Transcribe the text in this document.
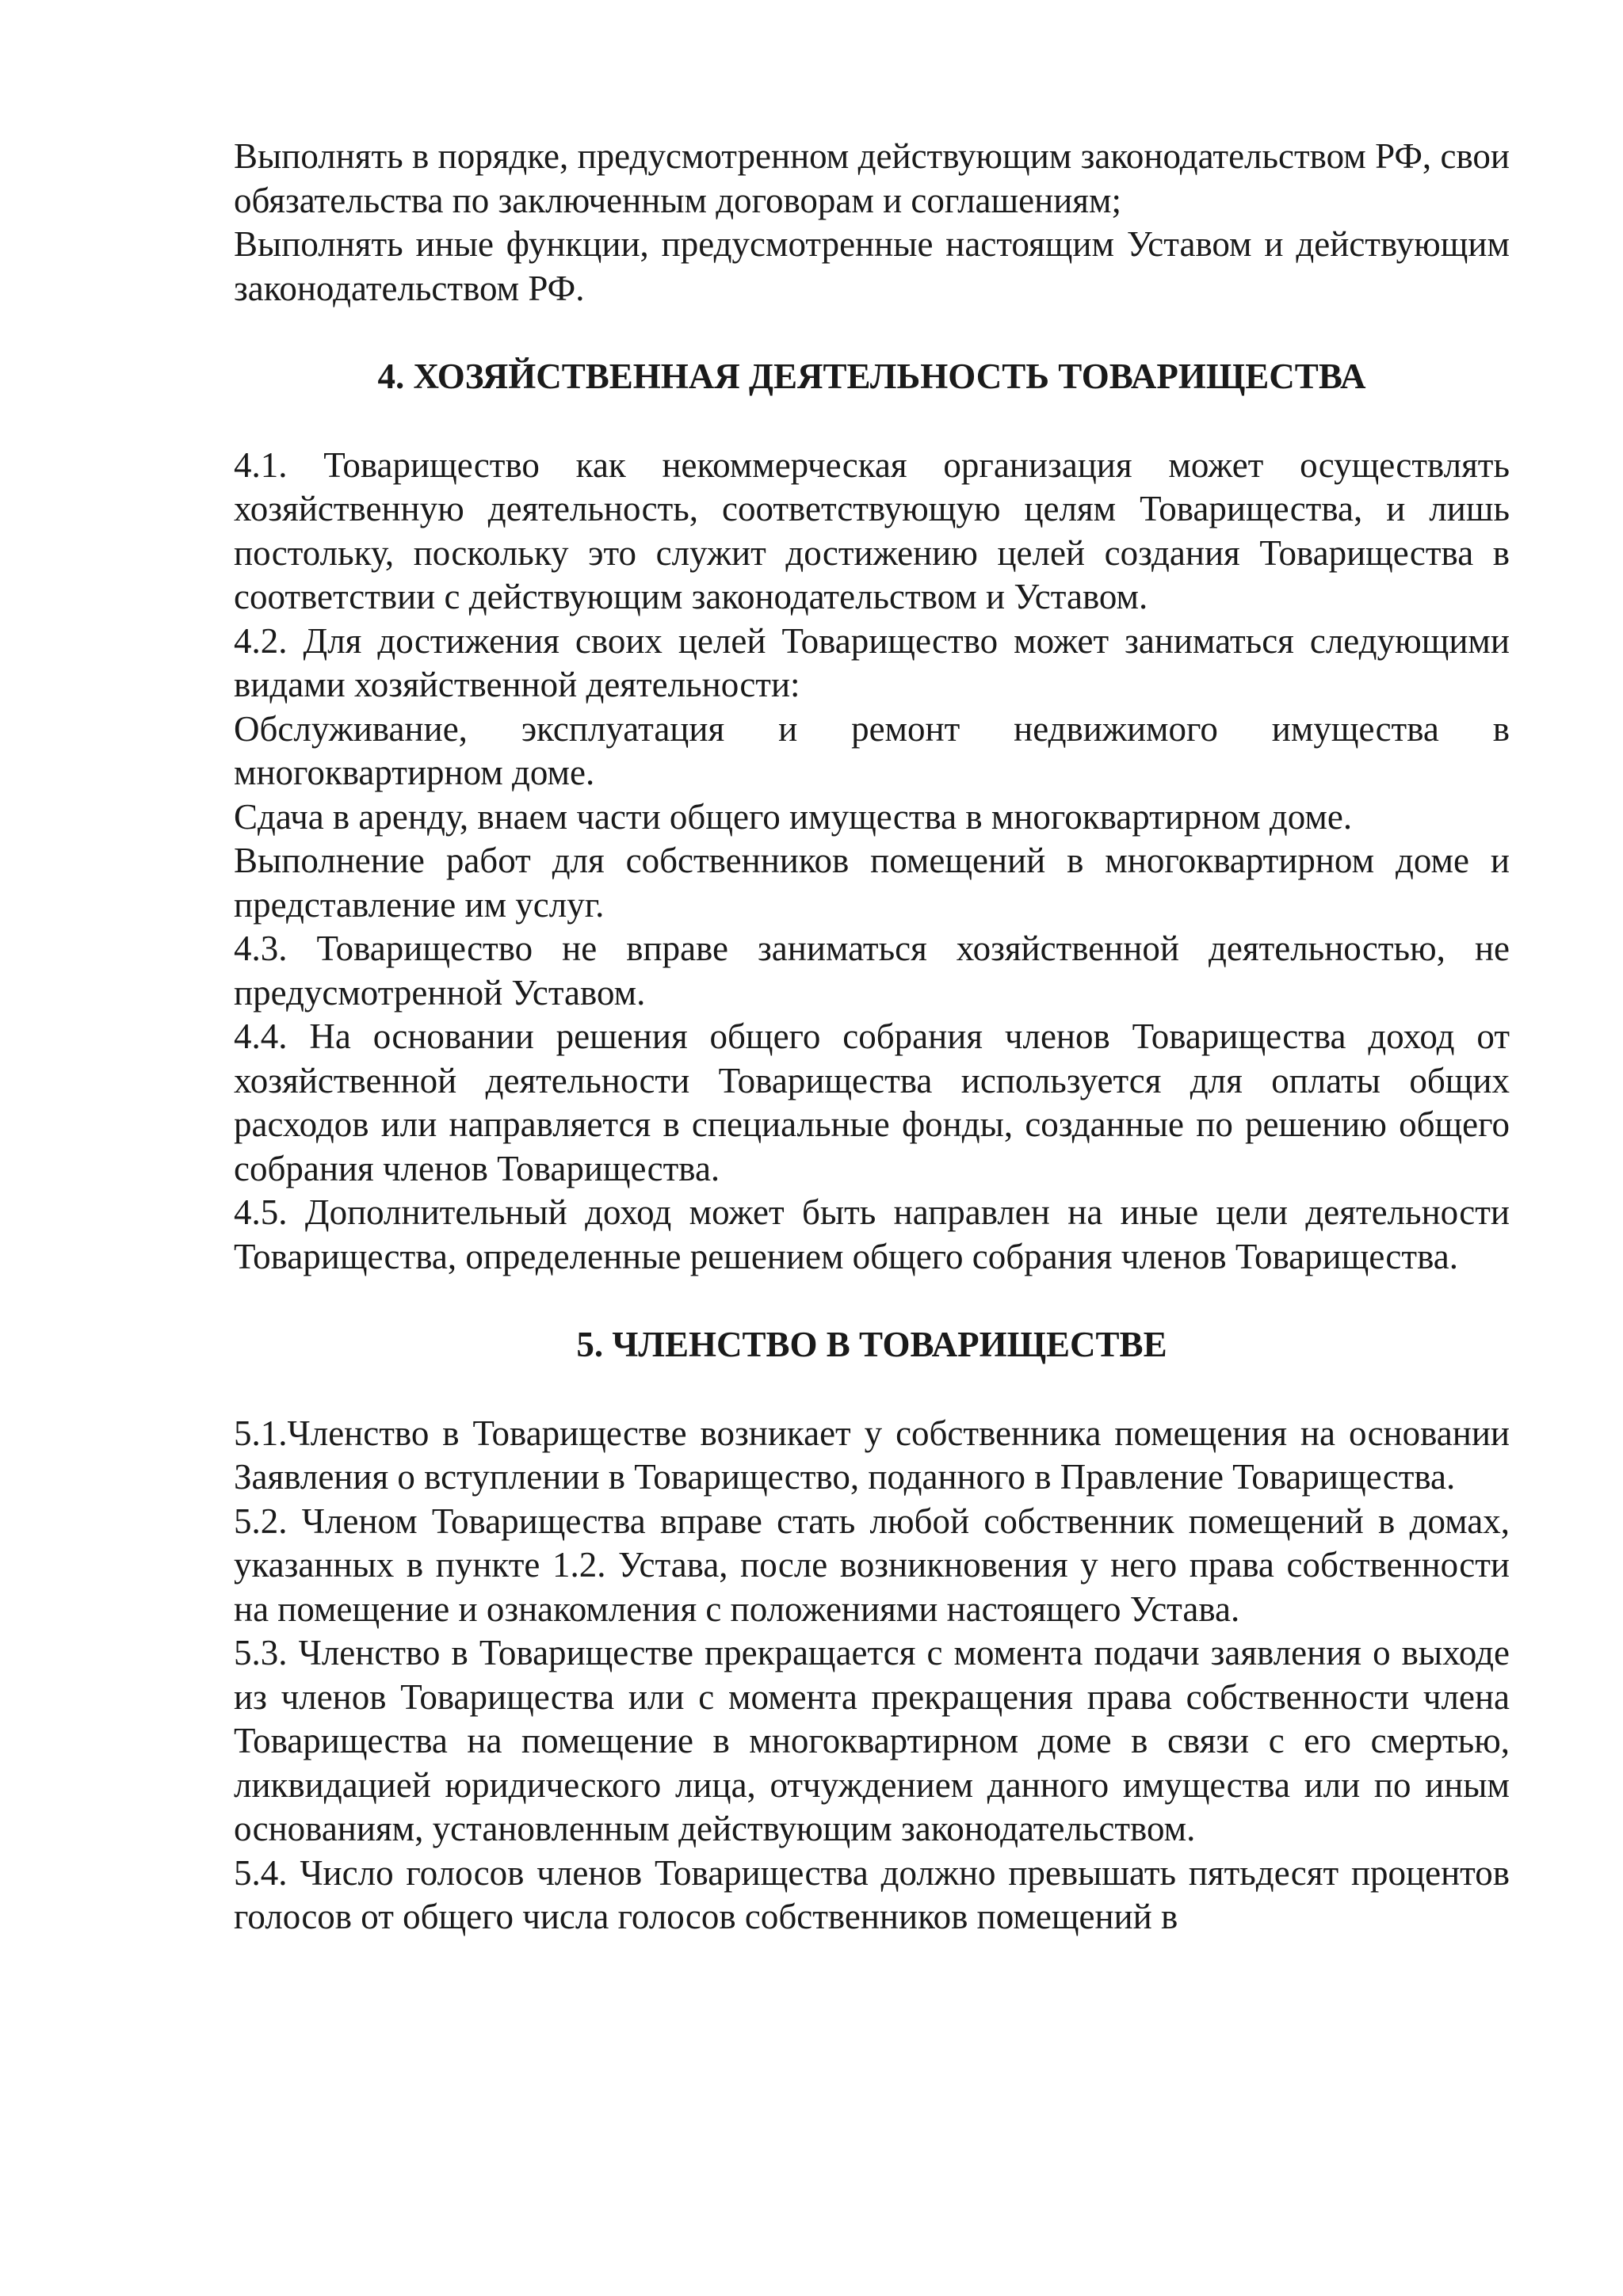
Выполнять в порядке, предусмотренном действующим законодательством РФ, свои обязательства по заключенным договорам и соглашениям;

Выполнять иные функции, предусмотренные настоящим Уставом и действующим законодательством РФ.

4. ХОЗЯЙСТВЕННАЯ ДЕЯТЕЛЬНОСТЬ ТОВАРИЩЕСТВА

4.1. Товарищество как некоммерческая организация может осуществлять хозяйственную деятельность, соответствующую целям Товарищества, и лишь постольку, поскольку это служит достижению целей создания Товарищества в соответствии с действующим законодательством и Уставом.

4.2. Для достижения своих целей Товарищество может заниматься следующими видами хозяйственной деятельности:

Обслуживание, эксплуатация и ремонт недвижимого имущества в многоквартирном доме.

Сдача в аренду, внаем части общего имущества в многоквартирном доме.

Выполнение работ для собственников помещений в многоквартирном доме и представление им услуг.

4.3. Товарищество не вправе заниматься хозяйственной деятельностью, не предусмотренной Уставом.

4.4. На основании решения общего собрания членов Товарищества доход от хозяйственной деятельности Товарищества используется для оплаты общих расходов или направляется в специальные фонды, созданные по решению общего собрания членов Товарищества.

4.5. Дополнительный доход может быть направлен на иные цели деятельности Товарищества, определенные решением общего собрания членов Товарищества.

5. ЧЛЕНСТВО В ТОВАРИЩЕСТВЕ

5.1.Членство в Товариществе возникает у собственника помещения на основании Заявления о вступлении в Товарищество, поданного в Правление Товарищества.

5.2. Членом Товарищества вправе стать любой собственник помещений в домах, указанных в пункте 1.2. Устава, после возникновения у него права собственности на помещение и ознакомления с положениями настоящего Устава.

5.3. Членство в Товариществе прекращается с момента подачи заявления о выходе из членов Товарищества или с момента прекращения права собственности члена Товарищества на помещение в многоквартирном доме в связи с его смертью, ликвидацией юридического лица, отчуждением данного имущества или по иным основаниям, установленным действующим законодательством.

5.4. Число голосов членов Товарищества должно превышать пятьдесят процентов голосов от общего числа голосов собственников помещений в
